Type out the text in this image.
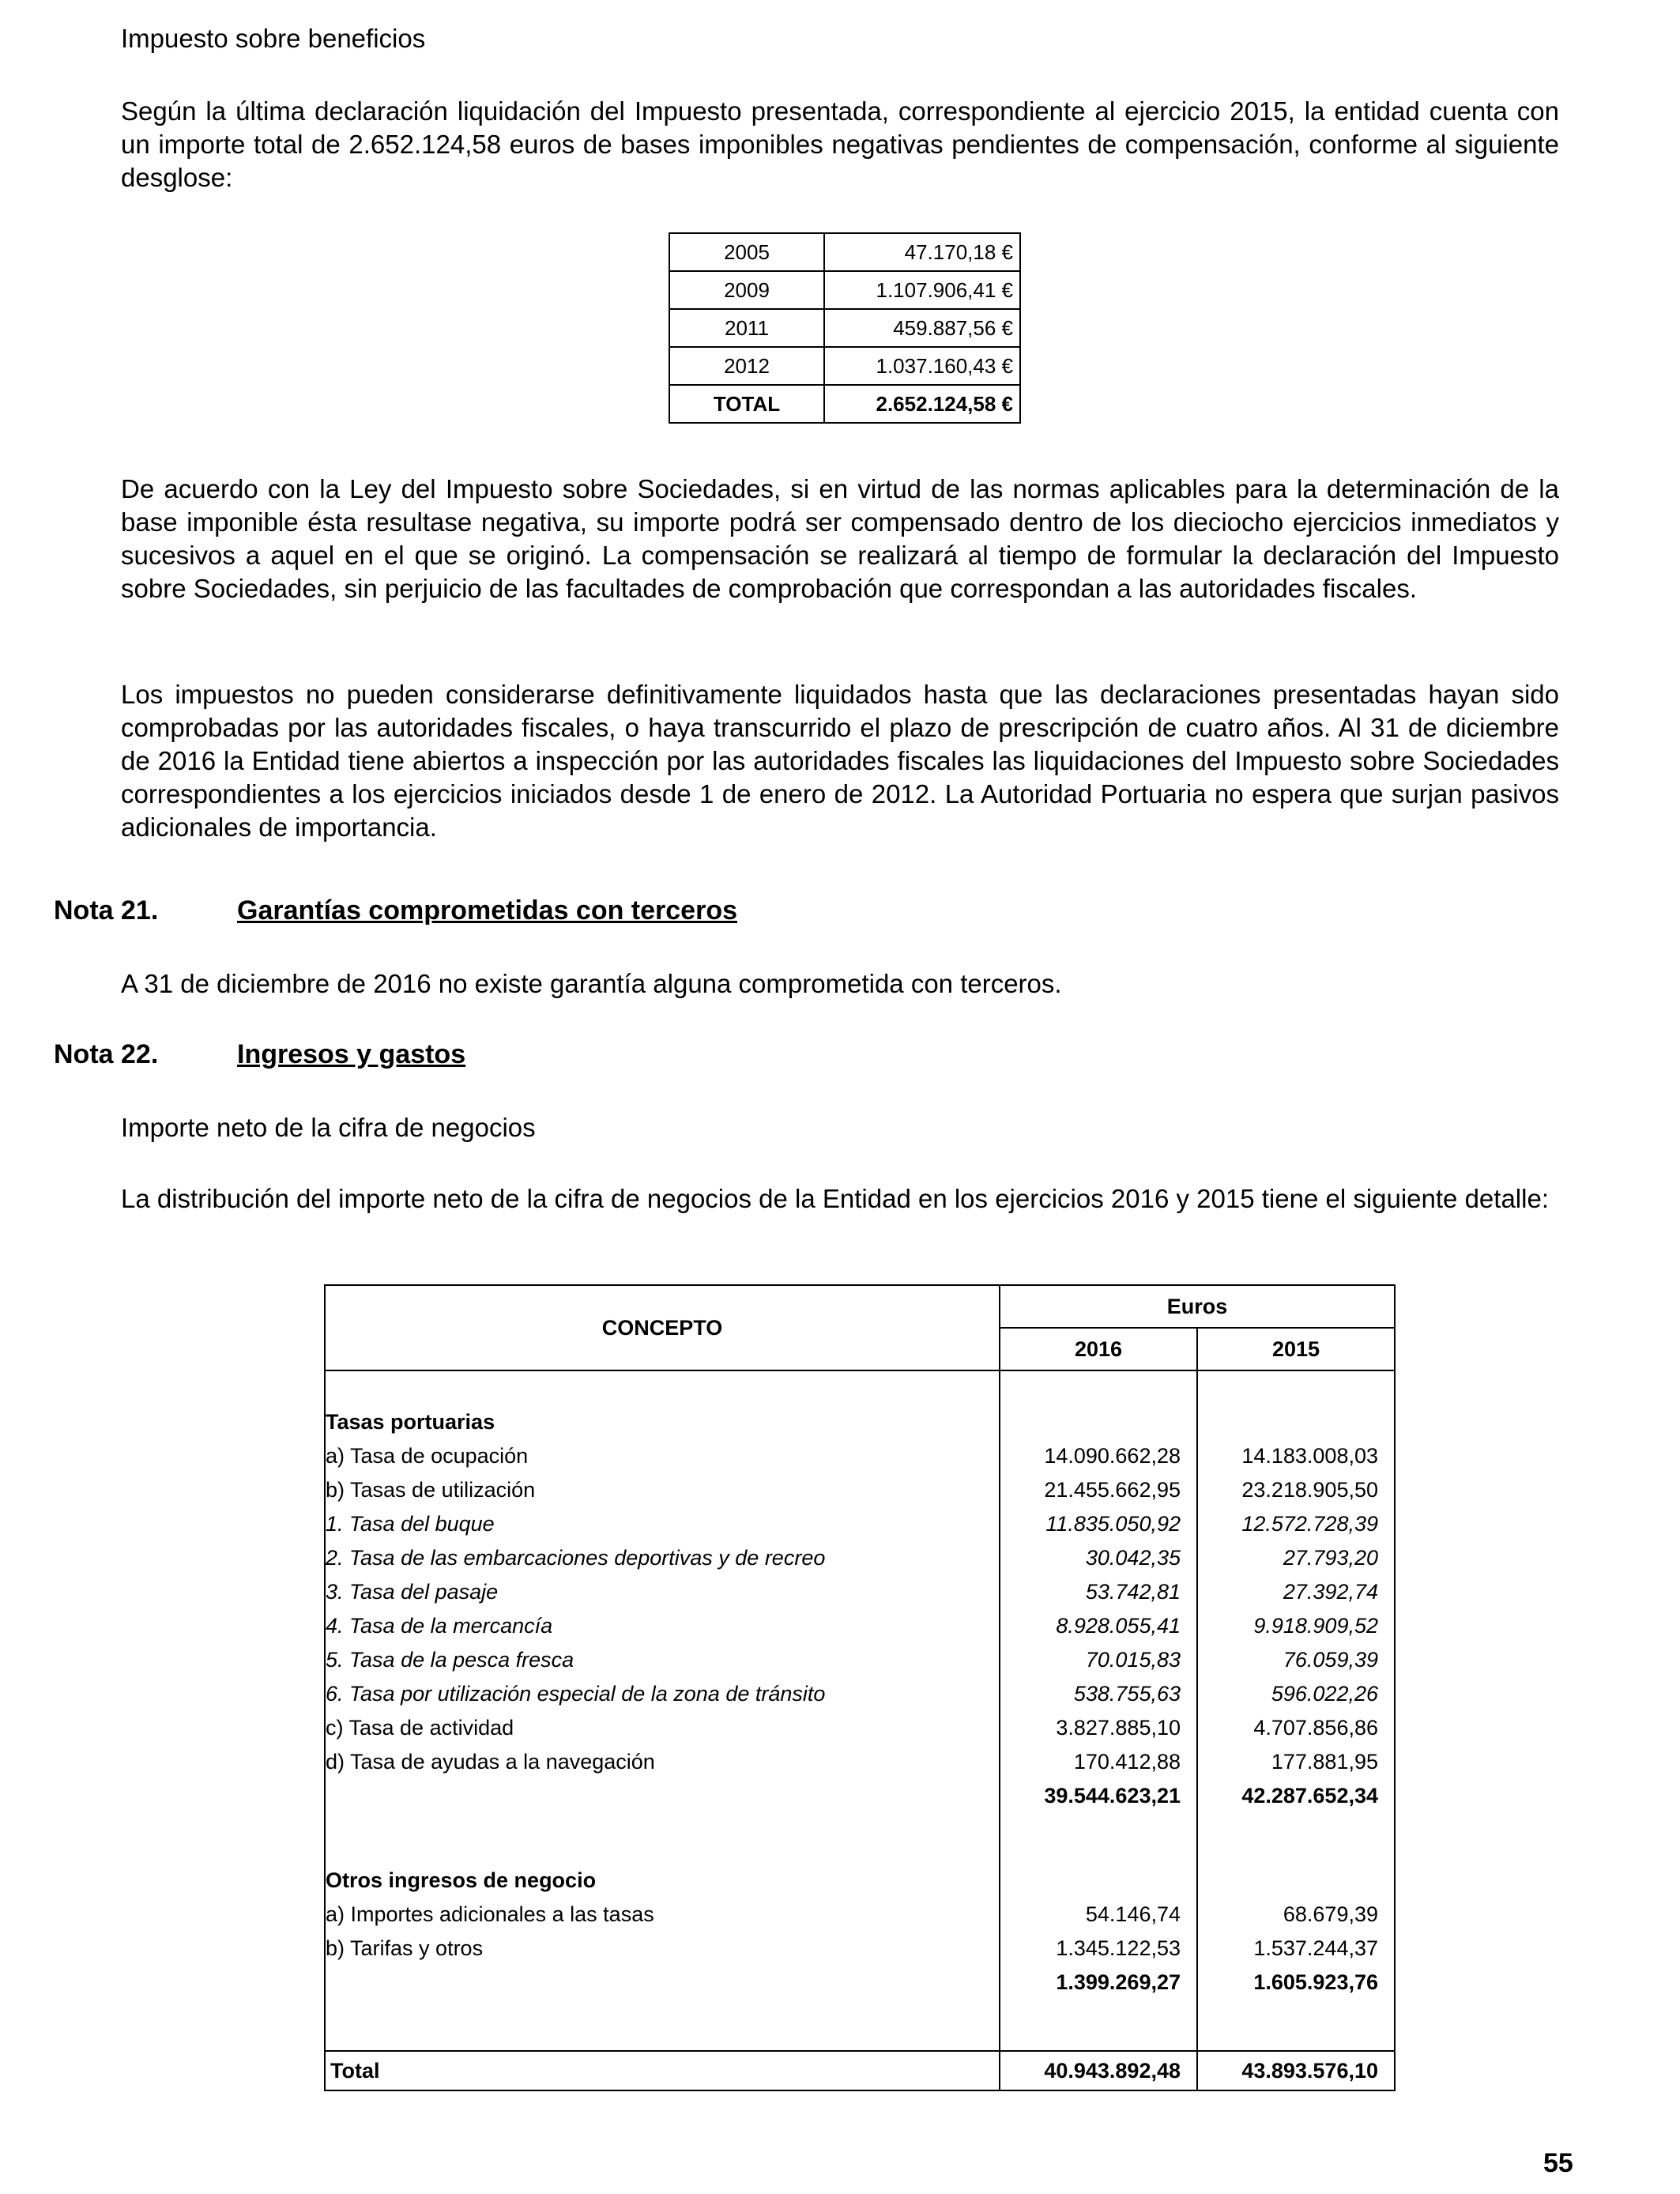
Impuesto sobre beneficios

Según la última declaración liquidación del Impuesto presentada, correspondiente al ejercicio 2015, la entidad cuenta con un importe total de 2.652.124,58 euros de bases imponibles negativas pendientes de compensación, conforme al siguiente desglose:

2005	47.170,18 €
2009	1.107.906,41 €
2011	459.887,56 €
2012	1.037.160,43 €
TOTAL	2.652.124,58 €

De acuerdo con la Ley del Impuesto sobre Sociedades, si en virtud de las normas aplicables para la determinación de la base imponible ésta resultase negativa, su importe podrá ser compensado dentro de los dieciocho ejercicios inmediatos y sucesivos a aquel en el que se originó. La compensación se realizará al tiempo de formular la declaración del Impuesto sobre Sociedades, sin perjuicio de las facultades de comprobación que correspondan a las autoridades fiscales.

Los impuestos no pueden considerarse definitivamente liquidados hasta que las declaraciones presentadas hayan sido comprobadas por las autoridades fiscales, o haya transcurrido el plazo de prescripción de cuatro años. Al 31 de diciembre de 2016 la Entidad tiene abiertos a inspección por las autoridades fiscales las liquidaciones del Impuesto sobre Sociedades correspondientes a los ejercicios iniciados desde 1 de enero de 2012. La Autoridad Portuaria no espera que surjan pasivos adicionales de importancia.

Nota 21.	Garantías comprometidas con terceros

A 31 de diciembre de 2016 no existe garantía alguna comprometida con terceros.

Nota 22.	Ingresos y gastos

Importe neto de la cifra de negocios

La distribución del importe neto de la cifra de negocios de la Entidad en los ejercicios 2016 y 2015 tiene el siguiente detalle:

CONCEPTO	Euros	
	2016	2015

Tasas portuarias		
a) Tasa de ocupación	14.090.662,28	14.183.008,03
b) Tasas de utilización	21.455.662,95	23.218.905,50
1. Tasa del buque	11.835.050,92	12.572.728,39
2. Tasa de las embarcaciones deportivas y de recreo	30.042,35	27.793,20
3. Tasa del pasaje	53.742,81	27.392,74
4. Tasa de la mercancía	8.928.055,41	9.918.909,52
5. Tasa de la pesca fresca	70.015,83	76.059,39
6. Tasa por utilización especial de la zona de tránsito	538.755,63	596.022,26
c) Tasa de actividad	3.827.885,10	4.707.856,86
d) Tasa de ayudas a la navegación	170.412,88	177.881,95
	39.544.623,21	42.287.652,34

Otros ingresos de negocio		
a) Importes adicionales a las tasas	54.146,74	68.679,39
b) Tarifas y otros	1.345.122,53	1.537.244,37
	1.399.269,27	1.605.923,76

Total	40.943.892,48	43.893.576,10

55
